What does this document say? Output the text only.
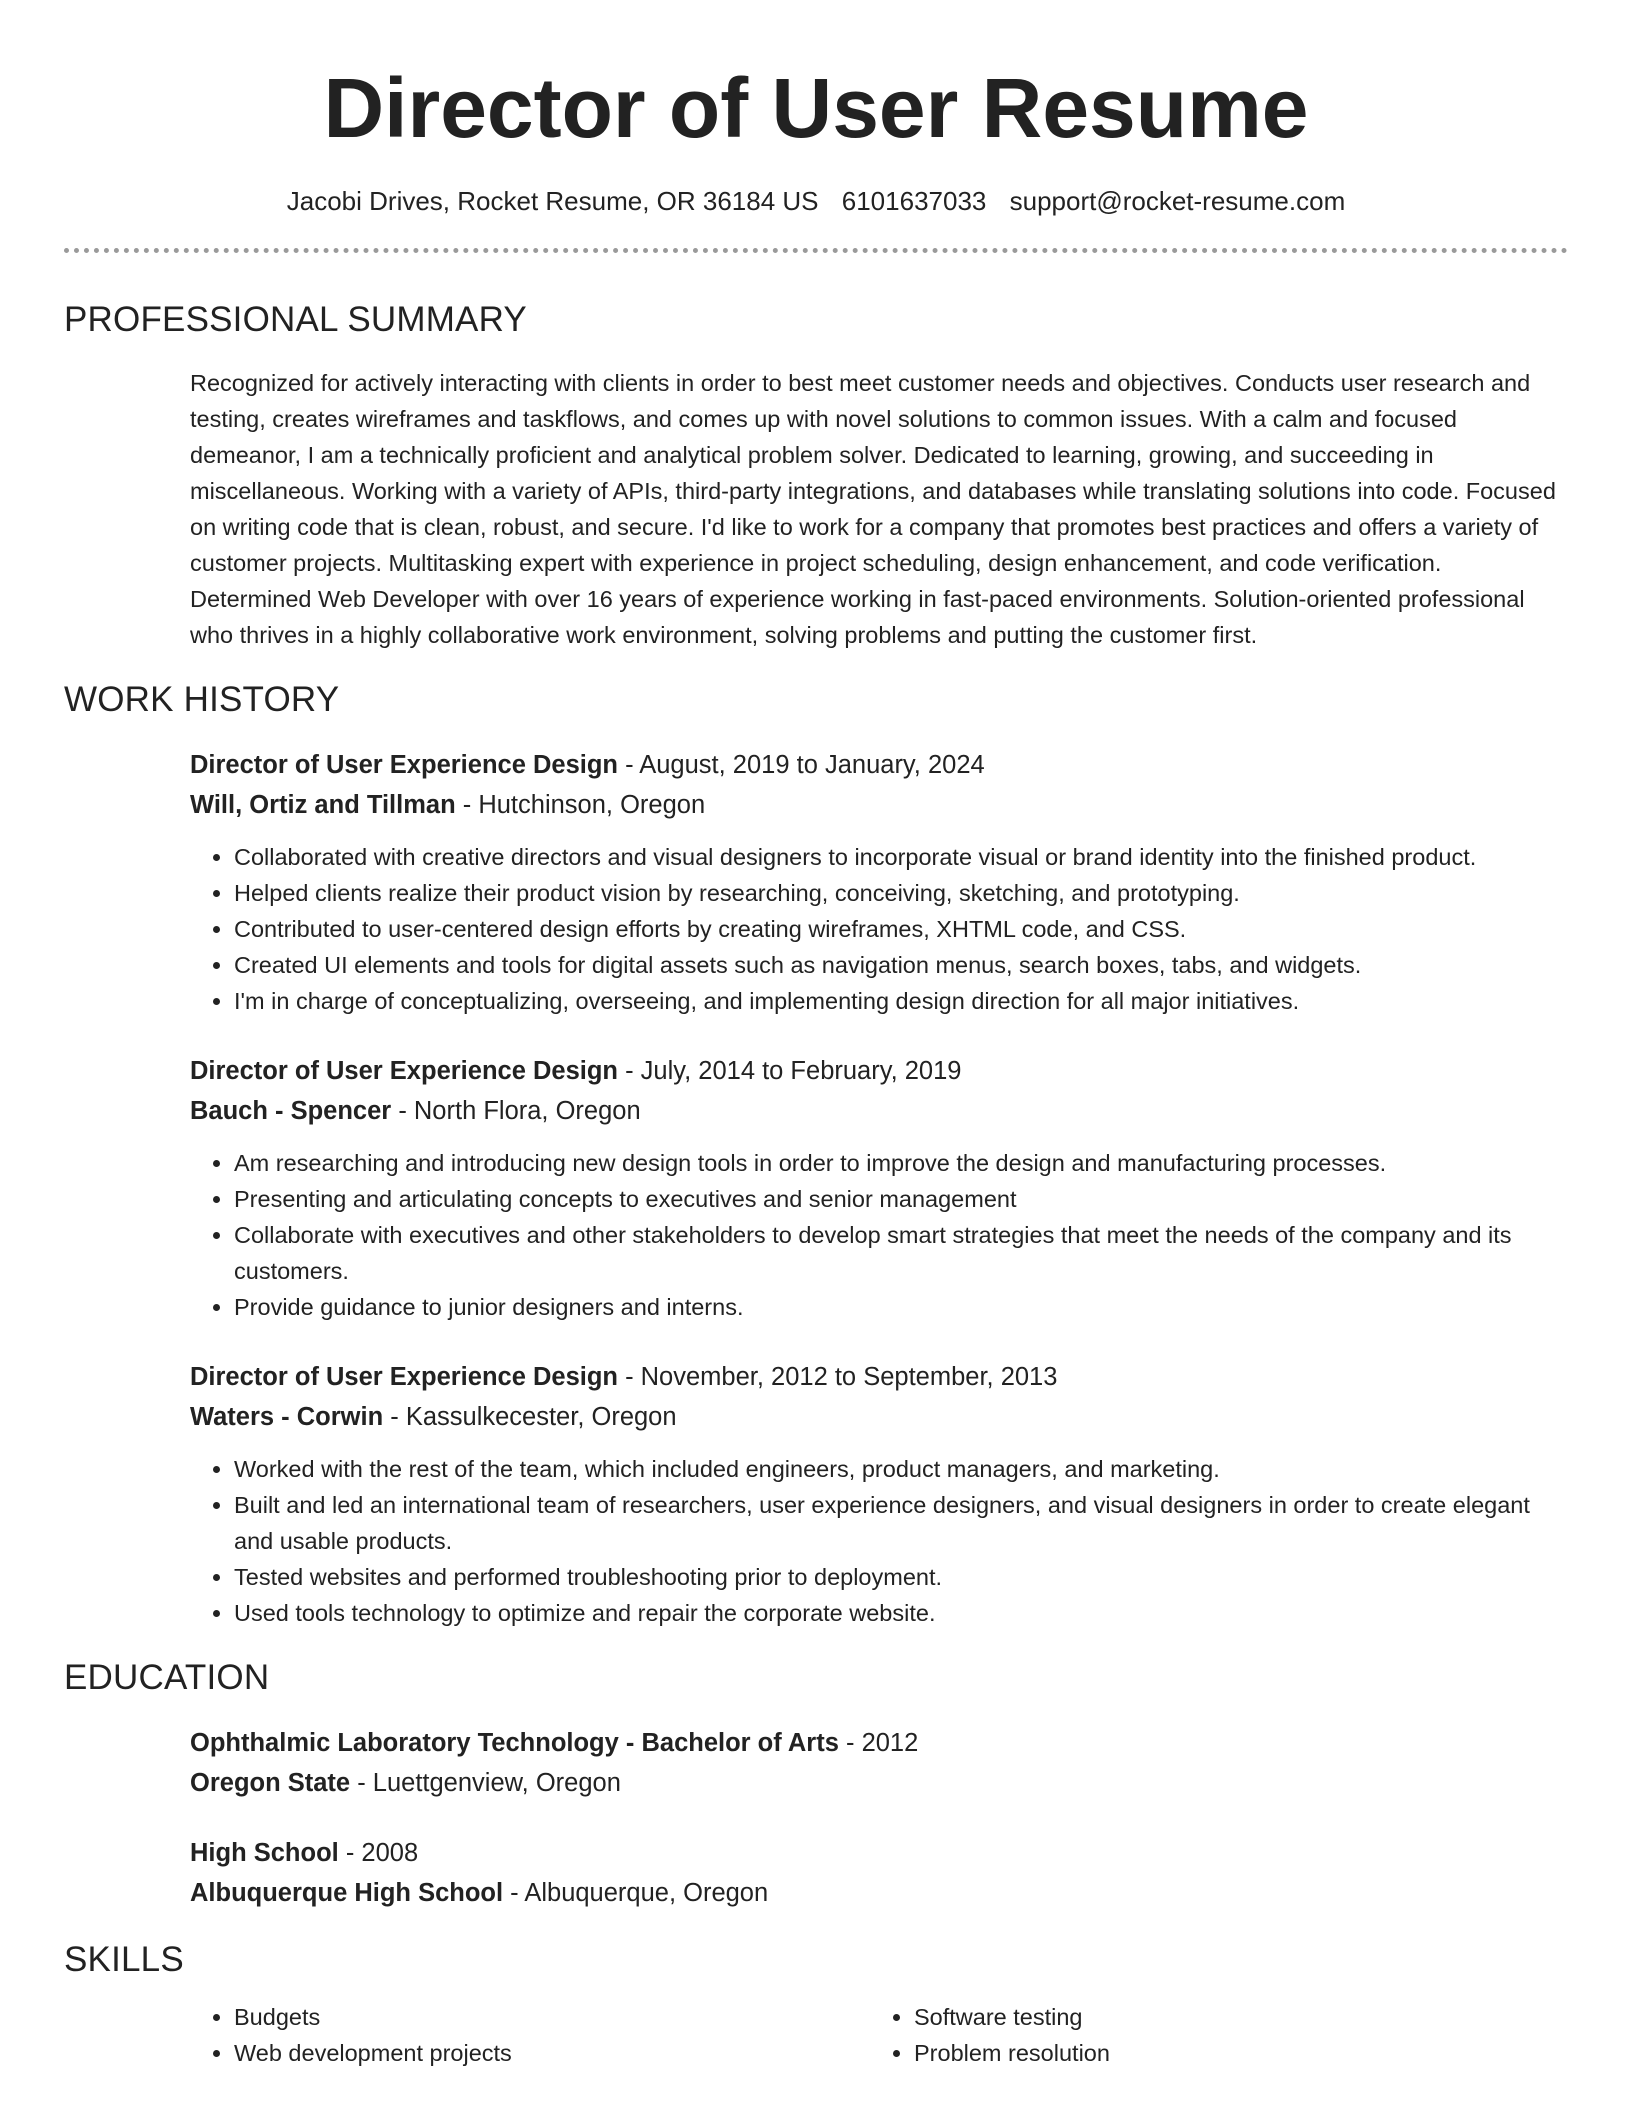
Director of User Resume
Jacobi Drives, Rocket Resume, OR 36184 US 6101637033 support@rocket-resume.com
PROFESSIONAL SUMMARY
Recognized for actively interacting with clients in order to best meet customer needs and objectives. Conducts user research and testing, creates wireframes and taskflows, and comes up with novel solutions to common issues. With a calm and focused demeanor, I am a technically proficient and analytical problem solver. Dedicated to learning, growing, and succeeding in miscellaneous. Working with a variety of APIs, third-party integrations, and databases while translating solutions into code. Focused on writing code that is clean, robust, and secure. I'd like to work for a company that promotes best practices and offers a variety of customer projects. Multitasking expert with experience in project scheduling, design enhancement, and code verification. Determined Web Developer with over 16 years of experience working in fast-paced environments. Solution-oriented professional who thrives in a highly collaborative work environment, solving problems and putting the customer first.
WORK HISTORY
Director of User Experience Design - August, 2019 to January, 2024
Will, Ortiz and Tillman - Hutchinson, Oregon
• Collaborated with creative directors and visual designers to incorporate visual or brand identity into the finished product.
• Helped clients realize their product vision by researching, conceiving, sketching, and prototyping.
• Contributed to user-centered design efforts by creating wireframes, XHTML code, and CSS.
• Created UI elements and tools for digital assets such as navigation menus, search boxes, tabs, and widgets.
• I'm in charge of conceptualizing, overseeing, and implementing design direction for all major initiatives.
Director of User Experience Design - July, 2014 to February, 2019
Bauch - Spencer - North Flora, Oregon
• Am researching and introducing new design tools in order to improve the design and manufacturing processes.
• Presenting and articulating concepts to executives and senior management
• Collaborate with executives and other stakeholders to develop smart strategies that meet the needs of the company and its customers.
• Provide guidance to junior designers and interns.
Director of User Experience Design - November, 2012 to September, 2013
Waters - Corwin - Kassulkecester, Oregon
• Worked with the rest of the team, which included engineers, product managers, and marketing.
• Built and led an international team of researchers, user experience designers, and visual designers in order to create elegant and usable products.
• Tested websites and performed troubleshooting prior to deployment.
• Used tools technology to optimize and repair the corporate website.
EDUCATION
Ophthalmic Laboratory Technology - Bachelor of Arts - 2012
Oregon State - Luettgenview, Oregon
High School - 2008
Albuquerque High School - Albuquerque, Oregon
SKILLS
• Budgets
• Web development projects
• Software testing
• Problem resolution
